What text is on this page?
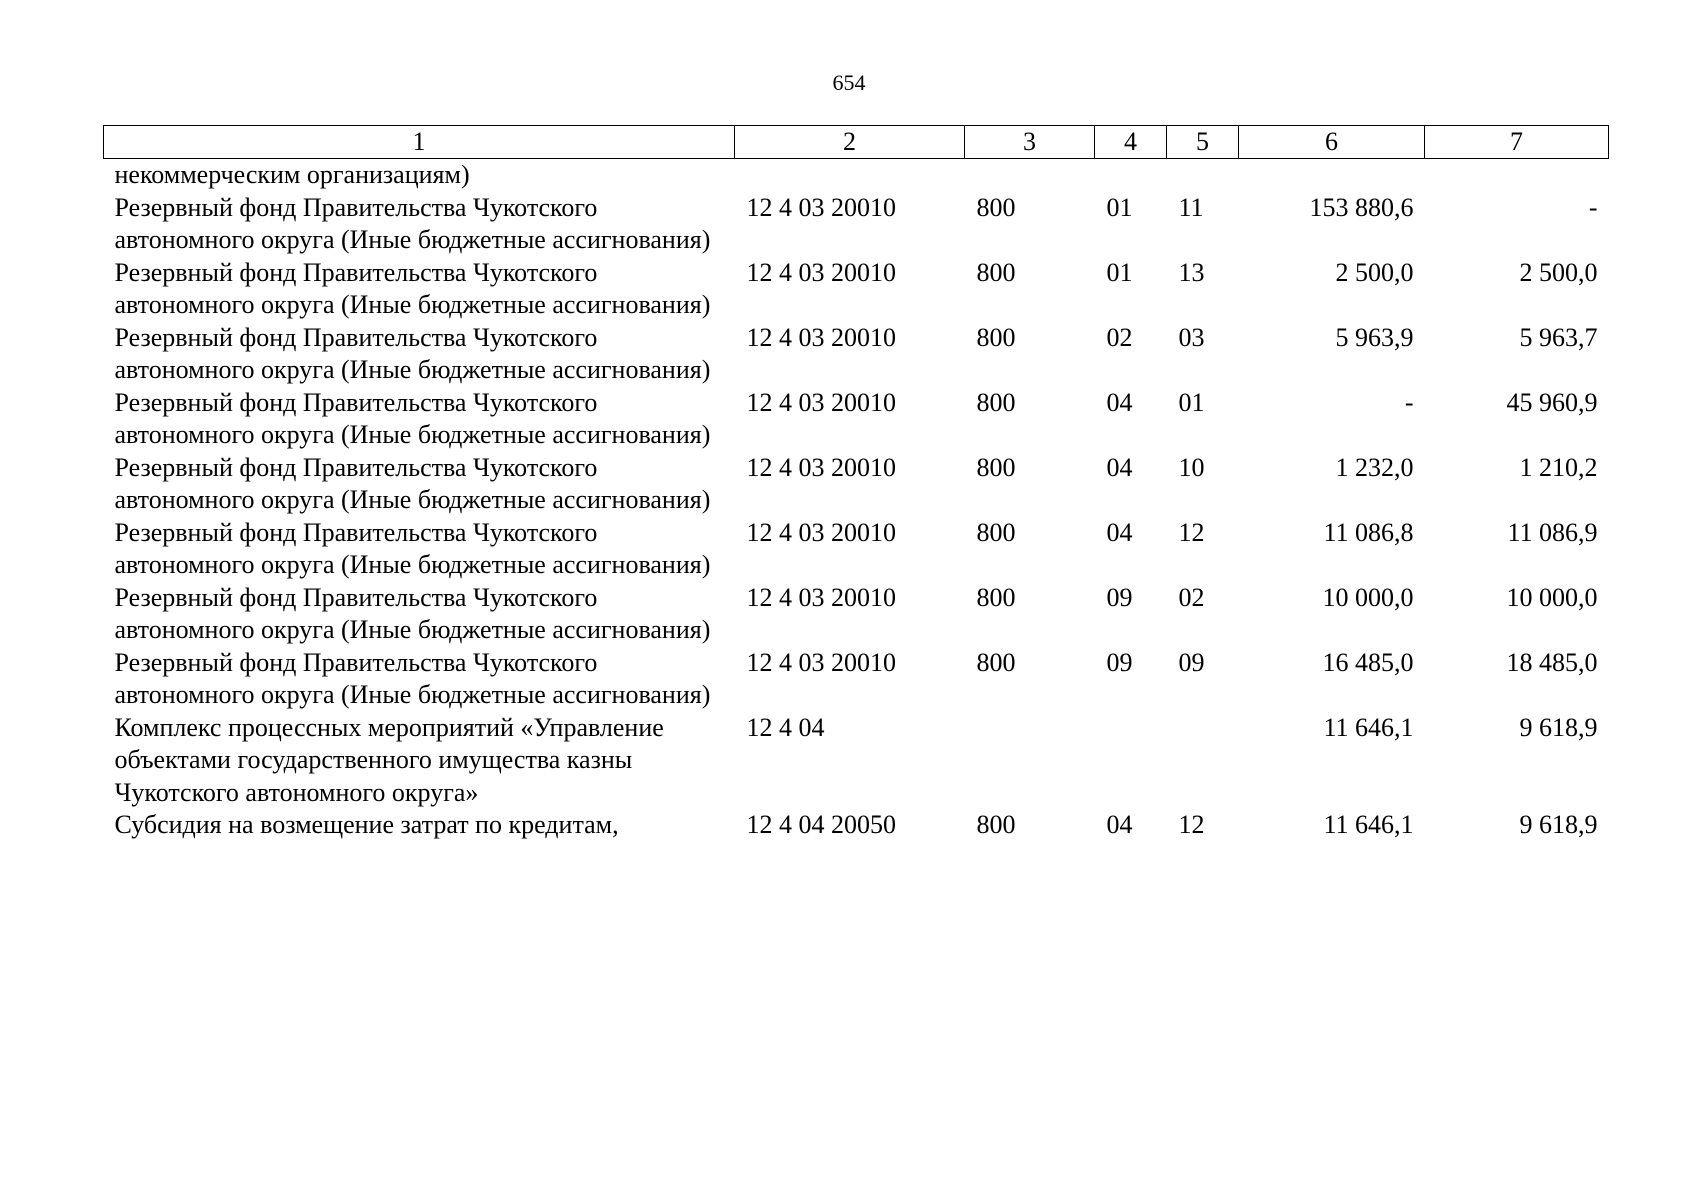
654
1	2	3	4	5	6	7
некоммерческим организациям)						
Резервный фонд Правительства Чукотского автономного округа (Иные бюджетные ассигнования)	12 4 03 20010	800	01	11	153 880,6	-
Резервный фонд Правительства Чукотского автономного округа (Иные бюджетные ассигнования)	12 4 03 20010	800	01	13	2 500,0	2 500,0
Резервный фонд Правительства Чукотского автономного округа (Иные бюджетные ассигнования)	12 4 03 20010	800	02	03	5 963,9	5 963,7
Резервный фонд Правительства Чукотского автономного округа (Иные бюджетные ассигнования)	12 4 03 20010	800	04	01	-	45 960,9
Резервный фонд Правительства Чукотского автономного округа (Иные бюджетные ассигнования)	12 4 03 20010	800	04	10	1 232,0	1 210,2
Резервный фонд Правительства Чукотского автономного округа (Иные бюджетные ассигнования)	12 4 03 20010	800	04	12	11 086,8	11 086,9
Резервный фонд Правительства Чукотского автономного округа (Иные бюджетные ассигнования)	12 4 03 20010	800	09	02	10 000,0	10 000,0
Резервный фонд Правительства Чукотского автономного округа (Иные бюджетные ассигнования)	12 4 03 20010	800	09	09	16 485,0	18 485,0
Комплекс процессных мероприятий «Управление объектами государственного имущества казны Чукотского автономного округа»	12 4 04				11 646,1	9 618,9
Субсидия на возмещение затрат по кредитам,	12 4 04 20050	800	04	12	11 646,1	9 618,9
